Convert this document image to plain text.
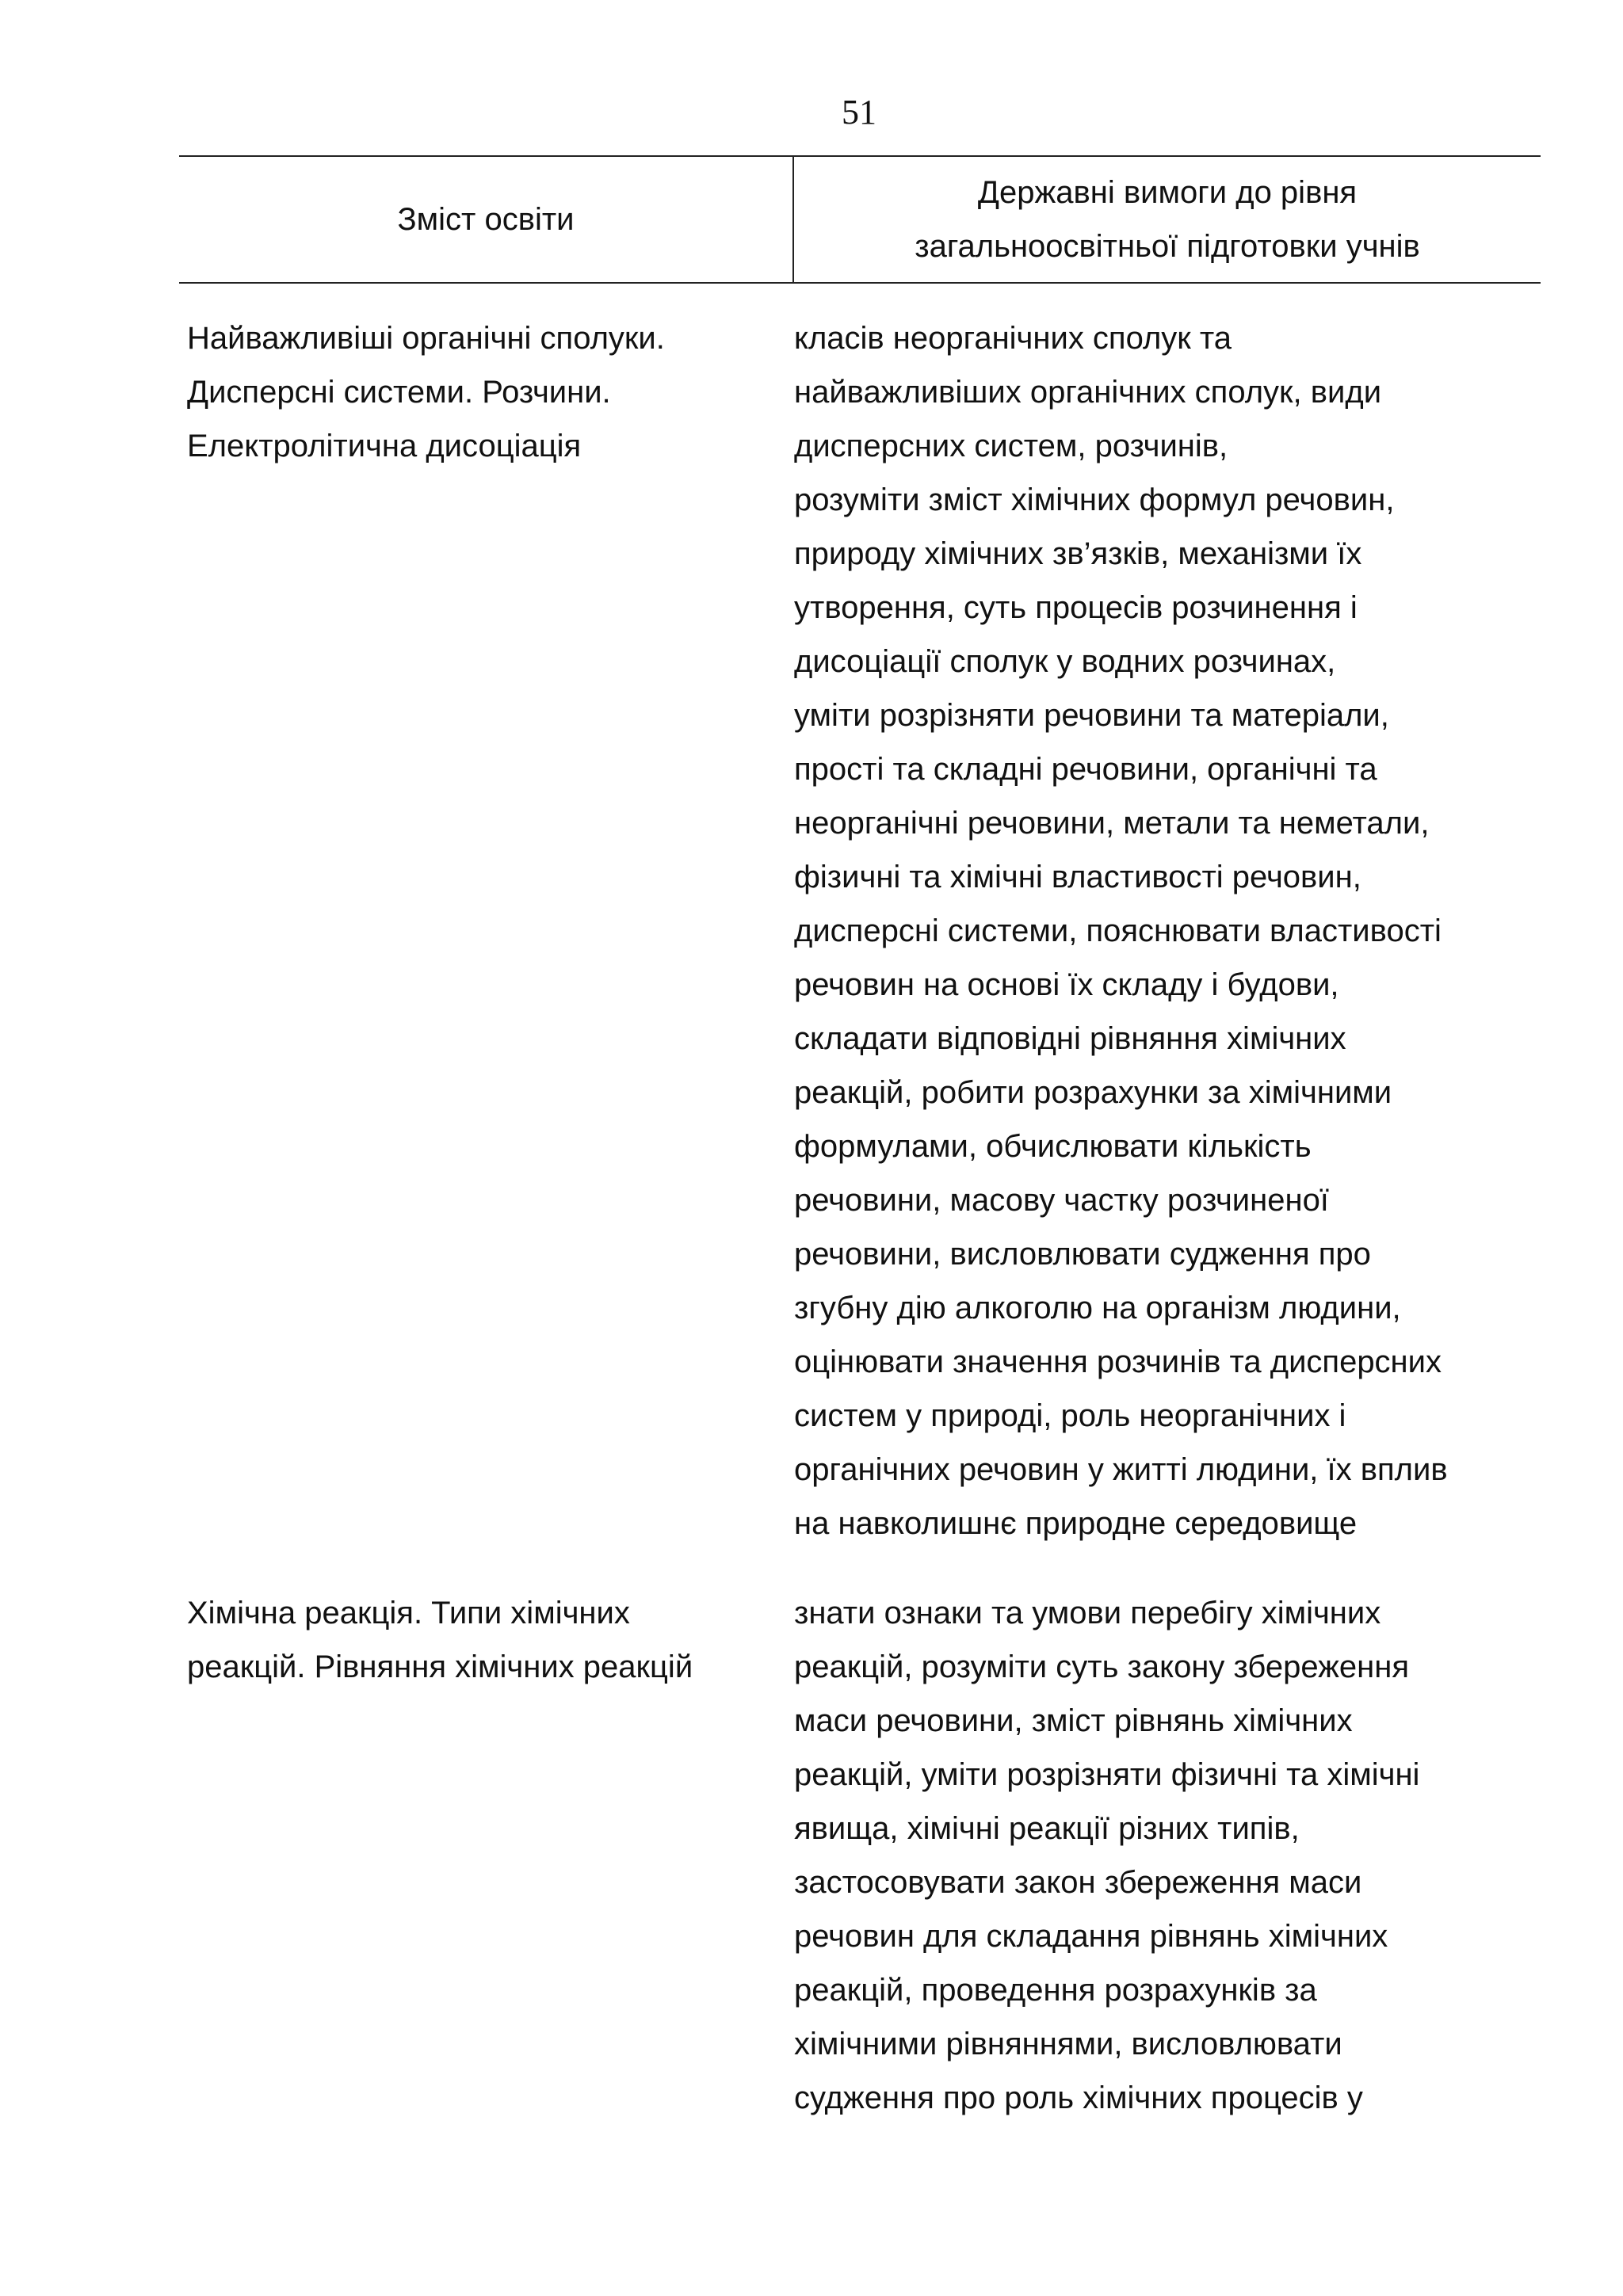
51
Зміст освіти
Державні вимоги до рівня
загальноосвітньої підготовки учнів
Найважливіші органічні сполуки.
Дисперсні системи. Розчини.
Електролітична дисоціація
класів неорганічних сполук та
найважливіших органічних сполук, види
дисперсних систем, розчинів,
розуміти зміст хімічних формул речовин,
природу хімічних зв’язків, механізми їх
утворення, суть процесів розчинення і
дисоціації сполук у водних розчинах,
уміти розрізняти речовини та матеріали,
прості та складні речовини, органічні та
неорганічні речовини, метали та неметали,
фізичні та хімічні властивості речовин,
дисперсні системи, пояснювати властивості
речовин на основі їх складу і будови,
складати відповідні рівняння хімічних
реакцій, робити розрахунки за хімічними
формулами, обчислювати кількість
речовини, масову частку розчиненої
речовини, висловлювати судження про
згубну дію алкоголю на організм людини,
оцінювати значення розчинів та дисперсних
систем у природі, роль неорганічних і
органічних речовин у житті людини, їх вплив
на навколишнє природне середовище
Хімічна реакція. Типи хімічних
реакцій. Рівняння хімічних реакцій
знати ознаки та умови перебігу хімічних
реакцій, розуміти суть закону збереження
маси речовини, зміст рівнянь хімічних
реакцій, уміти розрізняти фізичні та хімічні
явища, хімічні реакції різних типів,
застосовувати закон збереження маси
речовин для складання рівнянь хімічних
реакцій, проведення розрахунків за
хімічними рівняннями, висловлювати
судження про роль хімічних процесів у
